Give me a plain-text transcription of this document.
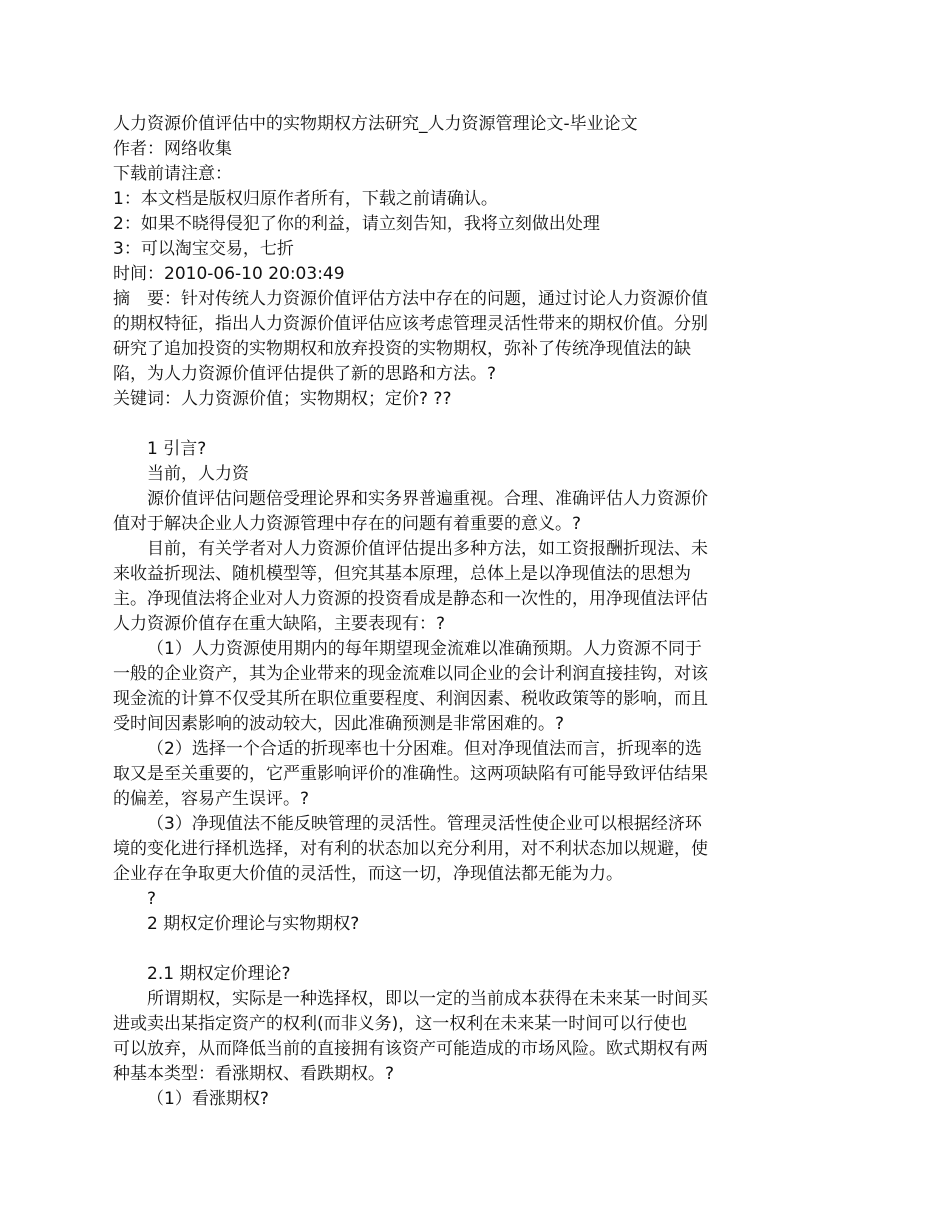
人力资源价值评估中的实物期权方法研究_人力资源管理论文-毕业论文
作者：网络收集
下载前请注意：
1：本文档是版权归原作者所有，下载之前请确认。
2：如果不晓得侵犯了你的利益，请立刻告知，我将立刻做出处理
3：可以淘宝交易，七折
时间：2010-06-10 20:03:49
摘　要：针对传统人力资源价值评估方法中存在的问题，通过讨论人力资源价值
的期权特征，指出人力资源价值评估应该考虑管理灵活性带来的期权价值。分别
研究了追加投资的实物期权和放弃投资的实物期权，弥补了传统净现值法的缺
陷，为人力资源价值评估提供了新的思路和方法。?
关键词：人力资源价值；实物期权；定价? ??
1 引言?
当前，人力资
源价值评估问题倍受理论界和实务界普遍重视。合理、准确评估人力资源价
值对于解决企业人力资源管理中存在的问题有着重要的意义。?
目前，有关学者对人力资源价值评估提出多种方法，如工资报酬折现法、未
来收益折现法、随机模型等，但究其基本原理，总体上是以净现值法的思想为
主。净现值法将企业对人力资源的投资看成是静态和一次性的，用净现值法评估
人力资源价值存在重大缺陷，主要表现有：?
（1）人力资源使用期内的每年期望现金流难以准确预期。人力资源不同于
一般的企业资产，其为企业带来的现金流难以同企业的会计利润直接挂钩，对该
现金流的计算不仅受其所在职位重要程度、利润因素、税收政策等的影响，而且
受时间因素影响的波动较大，因此准确预测是非常困难的。?
（2）选择一个合适的折现率也十分困难。但对净现值法而言，折现率的选
取又是至关重要的，它严重影响评价的准确性。这两项缺陷有可能导致评估结果
的偏差，容易产生误评。?
（3）净现值法不能反映管理的灵活性。管理灵活性使企业可以根据经济环
境的变化进行择机选择，对有利的状态加以充分利用，对不利状态加以规避，使
企业存在争取更大价值的灵活性，而这一切，净现值法都无能为力。
?
2 期权定价理论与实物期权?
2.1 期权定价理论?
所谓期权，实际是一种选择权，即以一定的当前成本获得在未来某一时间买
进或卖出某指定资产的权利(而非义务)，这一权利在未来某一时间可以行使也
可以放弃，从而降低当前的直接拥有该资产可能造成的市场风险。欧式期权有两
种基本类型：看涨期权、看跌期权。?
（1）看涨期权?
